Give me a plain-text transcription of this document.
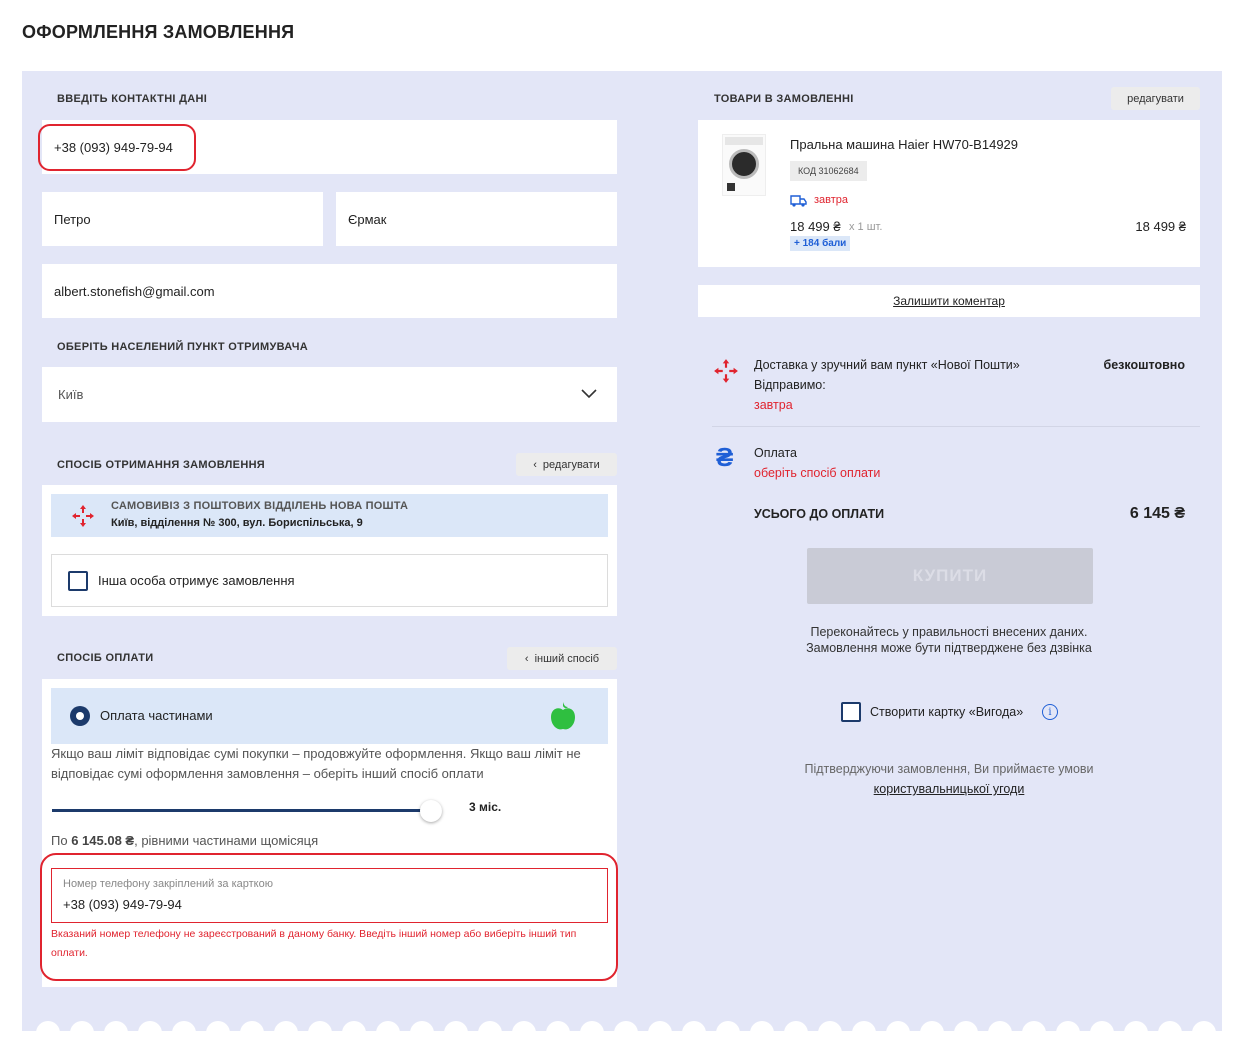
ОФОРМЛЕННЯ ЗАМОВЛЕННЯ
ВВЕДІТЬ КОНТАКТНІ ДАНІ
+38 (093) 949-79-94
Петро	Єрмак
albert.stonefish@gmail.com
ОБЕРІТЬ НАСЕЛЕНИЙ ПУНКТ ОТРИМУВАЧА
Київ
СПОСІБ ОТРИМАННЯ ЗАМОВЛЕННЯ	‹ редагувати
САМОВИВІЗ З ПОШТОВИХ ВІДДІЛЕНЬ НОВА ПОШТА
Київ, відділення № 300, вул. Бориспільська, 9
Інша особа отримує замовлення
СПОСІБ ОПЛАТИ	‹ інший спосіб
Оплата частинами
Якщо ваш ліміт відповідає сумі покупки – продовжуйте оформлення. Якщо ваш ліміт не відповідає сумі оформлення замовлення – оберіть інший спосіб оплати
3 міс.
По 6 145.08 ₴, рівними частинами щомісяця
Номер телефону закріплений за карткою
+38 (093) 949-79-94
Вказаний номер телефону не зареєстрований в даному банку. Введіть інший номер або виберіть інший тип оплати.
ТОВАРИ В ЗАМОВЛЕННІ	редагувати
Пральна машина Haier HW70-B14929
КОД 31062684
завтра
18 499 ₴ x 1 шт.
+ 184 бали
18 499 ₴
Залишити коментар
Доставка у зручний вам пункт «Нової Пошти»	безкоштовно
Відправимо:
завтра
₴ Оплата
оберіть спосіб оплати
УСЬОГО ДО ОПЛАТИ	6 145 ₴
КУПИТИ
Переконайтесь у правильності внесених даних.
Замовлення може бути підтверджене без дзвінка
Створити картку «Вигода»	i
Підтверджуючи замовлення, Ви приймаєте умови
користувальницької угоди
